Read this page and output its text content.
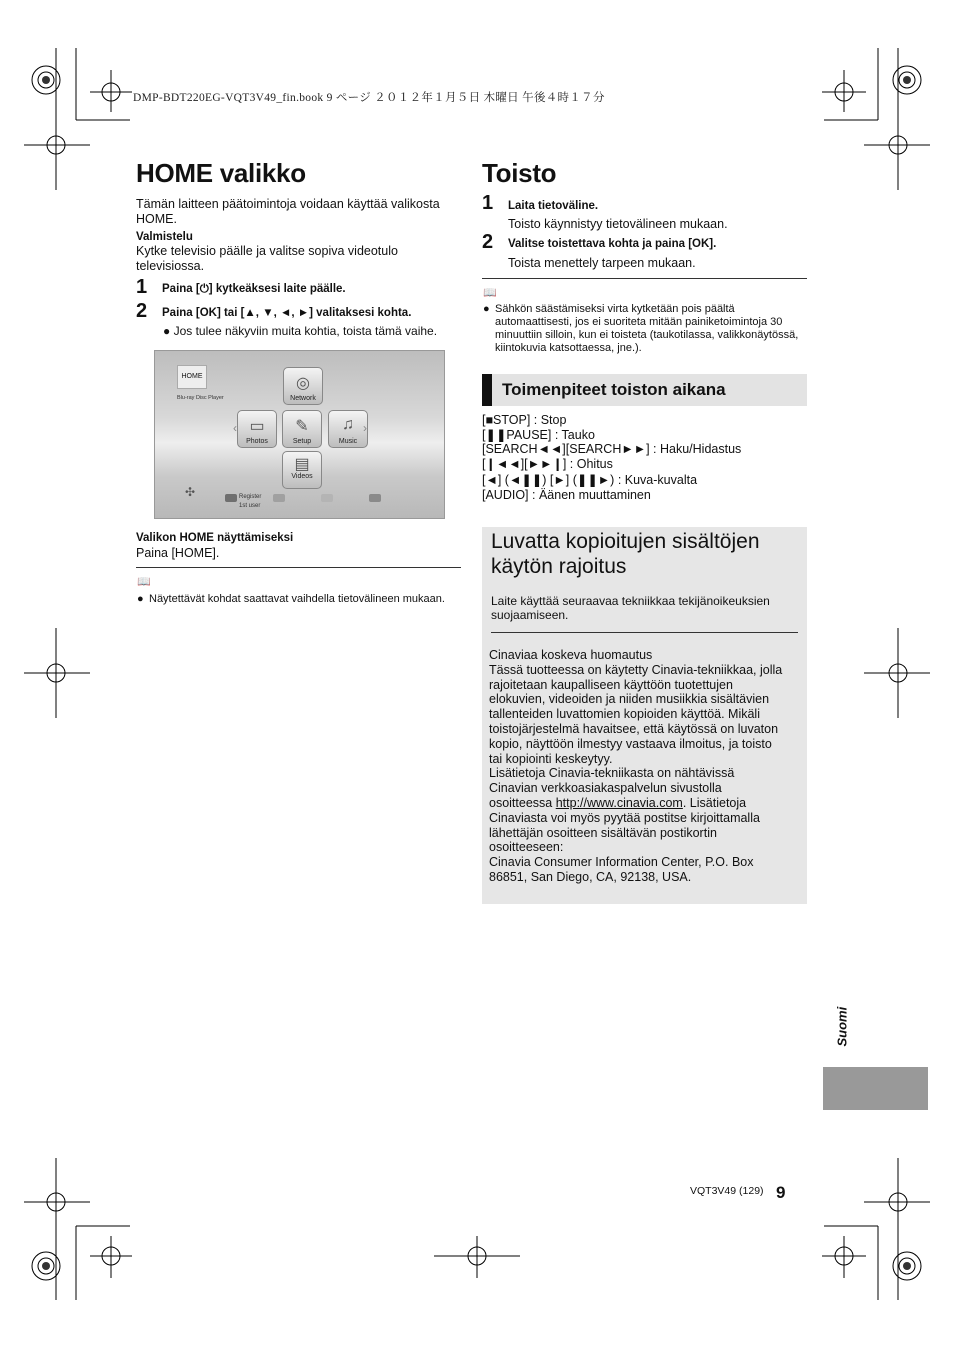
DMP-BDT220EG-VQT3V49_fin.book 9 ページ ２０１２年１月５日 木曜日 午後４時１７分
HOME valikko
Tämän laitteen päätoimintoja voidaan käyttää valikosta HOME.
Valmistelu
Kytke televisio päälle ja valitse sopiva videotulo televisiossa.
1 Paina [⏻] kytkeäksesi laite päälle.
2 Paina [OK] tai [▲, ▼, ◄, ►] valitaksesi kohta.
● Jos tulee näkyviin muita kohtia, toista tämä vaihe.
HOME
Blu-ray Disc Player
◎
Network
▭
Photos
✎
Setup
♫
Music
‹	›
▤
Videos
✣	Register
1st user
Valikon HOME näyttämiseksi
Paina [HOME].
📖
● Näytettävät kohdat saattavat vaihdella tietovälineen mukaan.
Toisto
1 Laita tietoväline.
Toisto käynnistyy tietovälineen mukaan.
2 Valitse toistettava kohta ja paina [OK].
Toista menettely tarpeen mukaan.
📖
● Sähkön säästämiseksi virta kytketään pois päältä automaattisesti, jos ei suoriteta mitään painiketoimintoja 30 minuuttiin silloin, kun ei toisteta (taukotilassa, valikkonäytössä, kiintokuvia katsottaessa, jne.).
Toimenpiteet toiston aikana
[■STOP] : Stop
[❚❚PAUSE] : Tauko
[SEARCH◄◄][SEARCH►►] : Haku/Hidastus
[❙◄◄][►►❙] : Ohitus
[◄] (◄❚❚) [►] (❚❚►) : Kuva-kuvalta
[AUDIO] : Äänen muuttaminen
Luvatta kopioitujen sisältöjen
käytön rajoitus
Laite käyttää seuraavaa tekniikkaa tekijänoikeuksien suojaamiseen.
Cinaviaa koskeva huomautus
Tässä tuotteessa on käytetty Cinavia-tekniikkaa, jolla
rajoitetaan kaupalliseen käyttöön tuotettujen
elokuvien, videoiden ja niiden musiikkia sisältävien
tallenteiden luvattomien kopioiden käyttöä. Mikäli
toistojärjestelmä havaitsee, että käytössä on luvaton
kopio, näyttöön ilmestyy vastaava ilmoitus, ja toisto
tai kopiointi keskeytyy.
Lisätietoja Cinavia-tekniikasta on nähtävissä
Cinavian verkkoasiakaspalvelun sivustolla
osoitteessa http://www.cinavia.com. Lisätietoja
Cinaviasta voi myös pyytää postitse kirjoittamalla
lähettäjän osoitteen sisältävän postikortin
osoitteeseen:
Cinavia Consumer Information Center, P.O. Box
86851, San Diego, CA, 92138, USA.
Suomi
VQT3V49 (129) 9
